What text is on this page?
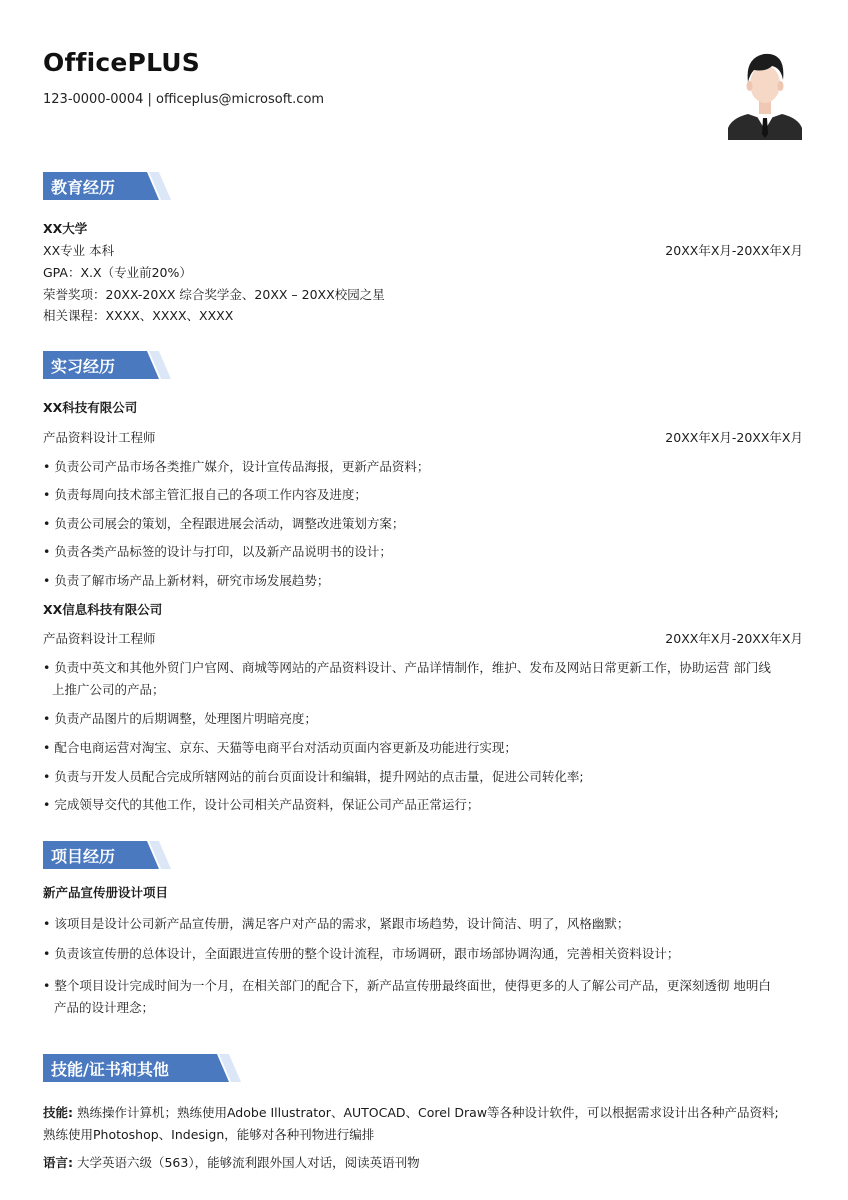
OfficePLUS
123-0000-0004 | officeplus@microsoft.com
教育经历
XX大学
XX专业 本科	20XX年X月-20XX年X月
GPA：X.X（专业前20%）
荣誉奖项：20XX-20XX 综合奖学金、20XX – 20XX校园之星
相关课程：XXXX、XXXX、XXXX
实习经历
XX科技有限公司
产品资料设计工程师	20XX年X月-20XX年X月
• 负责公司产品市场各类推广媒介，设计宣传品海报，更新产品资料；
• 负责每周向技术部主管汇报自己的各项工作内容及进度；
• 负责公司展会的策划，全程跟进展会活动，调整改进策划方案；
• 负责各类产品标签的设计与打印，以及新产品说明书的设计；
• 负责了解市场产品上新材料，研究市场发展趋势；
XX信息科技有限公司
产品资料设计工程师	20XX年X月-20XX年X月
• 负责中英文和其他外贸门户官网、商城等网站的产品资料设计、产品详情制作，维护、发布及网站日常更新工作，协助运营 部门线
上推广公司的产品；
• 负责产品图片的后期调整，处理图片明暗亮度；
• 配合电商运营对淘宝、京东、天猫等电商平台对活动页面内容更新及功能进行实现；
• 负责与开发人员配合完成所辖网站的前台页面设计和编辑，提升网站的点击量，促进公司转化率;
• 完成领导交代的其他工作，设计公司相关产品资料，保证公司产品正常运行；
项目经历
新产品宣传册设计项目
• 该项目是设计公司新产品宣传册，满足客户对产品的需求，紧跟市场趋势，设计简洁、明了，风格幽默；
• 负责该宣传册的总体设计，全面跟进宣传册的整个设计流程，市场调研，跟市场部协调沟通，完善相关资料设计；
• 整个项目设计完成时间为一个月，在相关部门的配合下，新产品宣传册最终面世，使得更多的人了解公司产品，更深刻透彻 地明白
产品的设计理念；
技能/证书和其他
技能: 熟练操作计算机；熟练使用Adobe Illustrator、AUTOCAD、Corel Draw等各种设计软件，可以根据需求设计出各种产品资料;
熟练使用Photoshop、Indesign，能够对各种刊物进行编排
语言: 大学英语六级（563），能够流利跟外国人对话，阅读英语刊物
